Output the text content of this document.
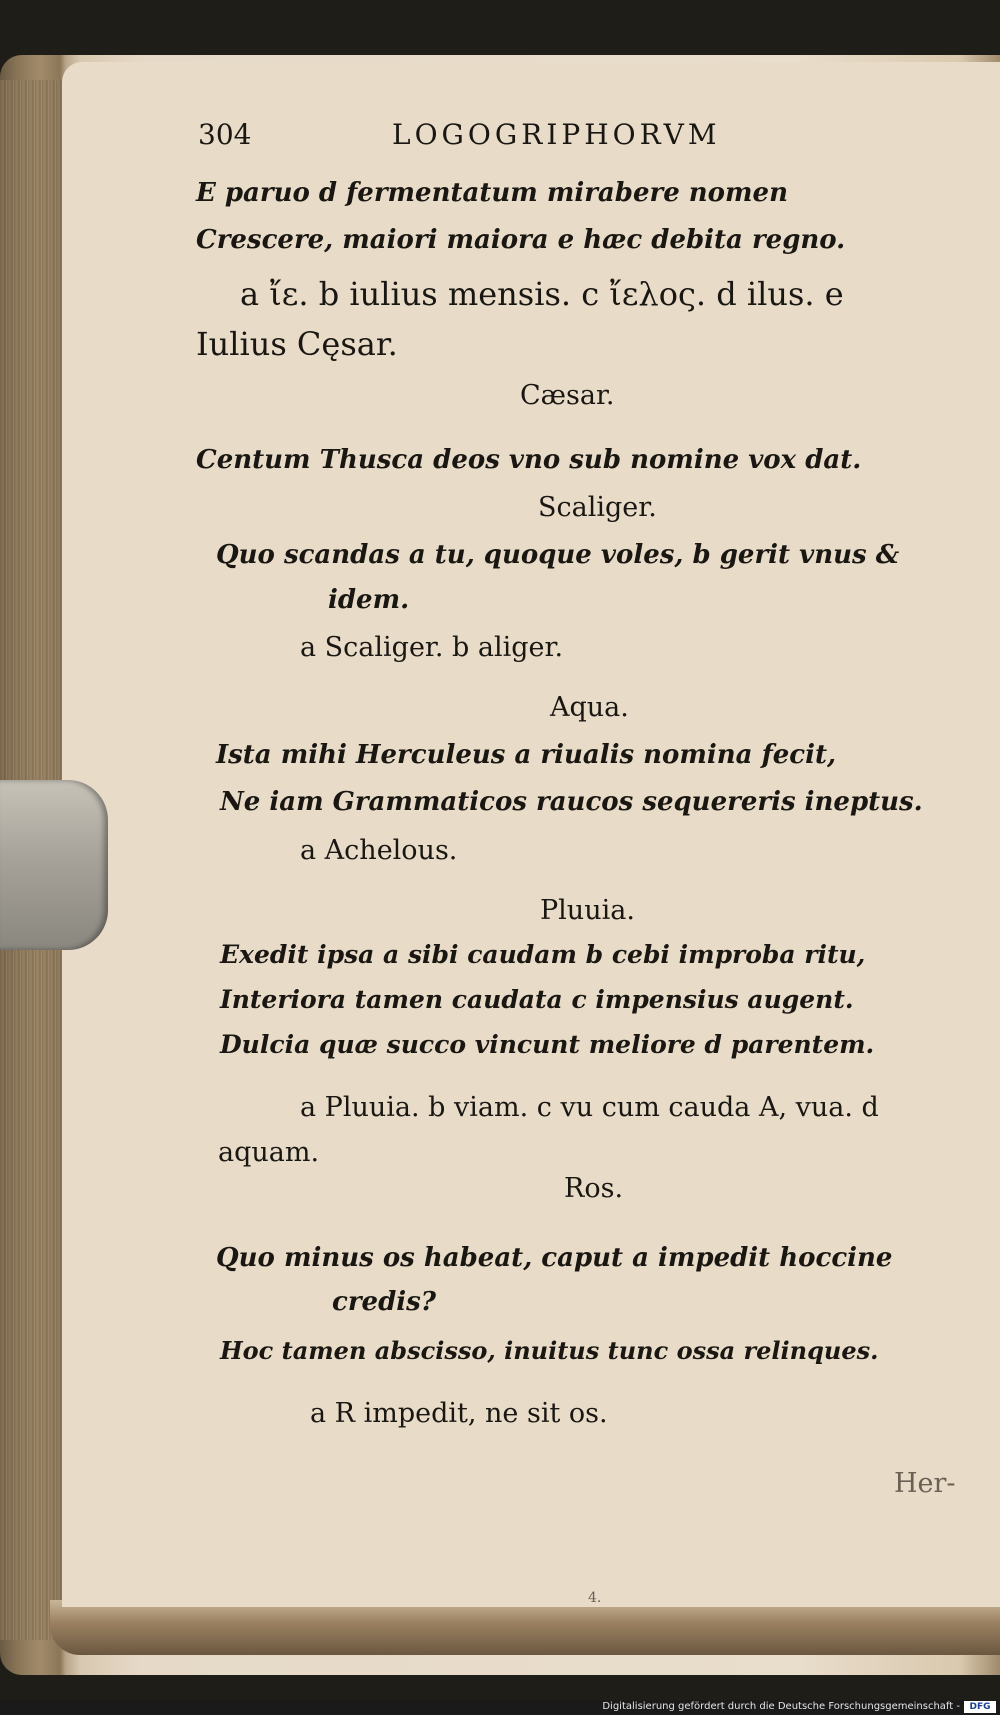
304	LOGOGRIPHORVM
E paruo d fermentatum mirabere nomen
Crescere, maiori maiora e hæc debita regno.
a ἴε. b iulius mensis. c ἴελος. d ilus. e
Iulius Cęsar.
Cæsar.
Centum Thusca deos vno sub nomine vox dat.
Scaliger.
Quo scandas a tu, quoque voles, b gerit vnus &
idem.
a Scaliger. b aliger.
Aqua.
Ista mihi Herculeus a riualis nomina fecit,
Ne iam Grammaticos raucos sequereris ineptus.
a Achelous.
Pluuia.
Exedit ipsa a sibi caudam b cebi improba ritu,
Interiora tamen caudata c impensius augent.
Dulcia quæ succo vincunt meliore d parentem.
a Pluuia. b viam. c vu cum cauda A, vua. d
aquam.
Ros.
Quo minus os habeat, caput a impedit hoccine
credis?
Hoc tamen abscisso, inuitus tunc ossa relinques.
a R impedit, ne sit os.
Her-
4.
Digitalisierung gefördert durch die Deutsche Forschungsgemeinschaft -	DFG
